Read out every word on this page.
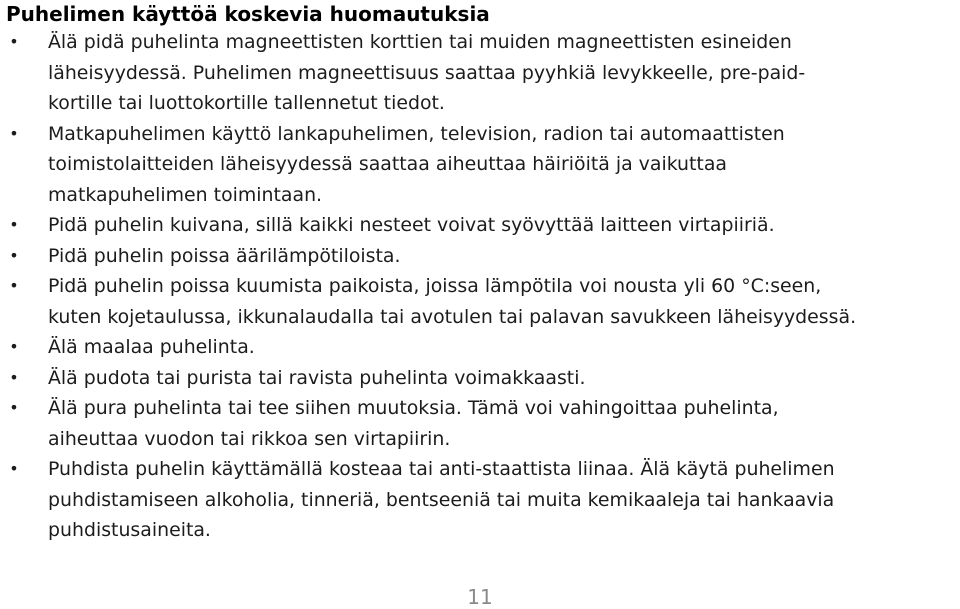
Puhelimen käyttöä koskevia huomautuksia
• Älä pidä puhelinta magneettisten korttien tai muiden magneettisten esineiden
läheisyydessä. Puhelimen magneettisuus saattaa pyyhkiä levykkeelle, pre-paid-
kortille tai luottokortille tallennetut tiedot.
• Matkapuhelimen käyttö lankapuhelimen, television, radion tai automaattisten
toimistolaitteiden läheisyydessä saattaa aiheuttaa häiriöitä ja vaikuttaa
matkapuhelimen toimintaan.
• Pidä puhelin kuivana, sillä kaikki nesteet voivat syövyttää laitteen virtapiiriä.
• Pidä puhelin poissa äärilämpötiloista.
• Pidä puhelin poissa kuumista paikoista, joissa lämpötila voi nousta yli 60 °C:seen,
kuten kojetaulussa, ikkunalaudalla tai avotulen tai palavan savukkeen läheisyydessä.
• Älä maalaa puhelinta.
• Älä pudota tai purista tai ravista puhelinta voimakkaasti.
• Älä pura puhelinta tai tee siihen muutoksia. Tämä voi vahingoittaa puhelinta,
aiheuttaa vuodon tai rikkoa sen virtapiirin.
• Puhdista puhelin käyttämällä kosteaa tai anti-staattista liinaa. Älä käytä puhelimen
puhdistamiseen alkoholia, tinneriä, bentseeniä tai muita kemikaaleja tai hankaavia
puhdistusaineita.
11
